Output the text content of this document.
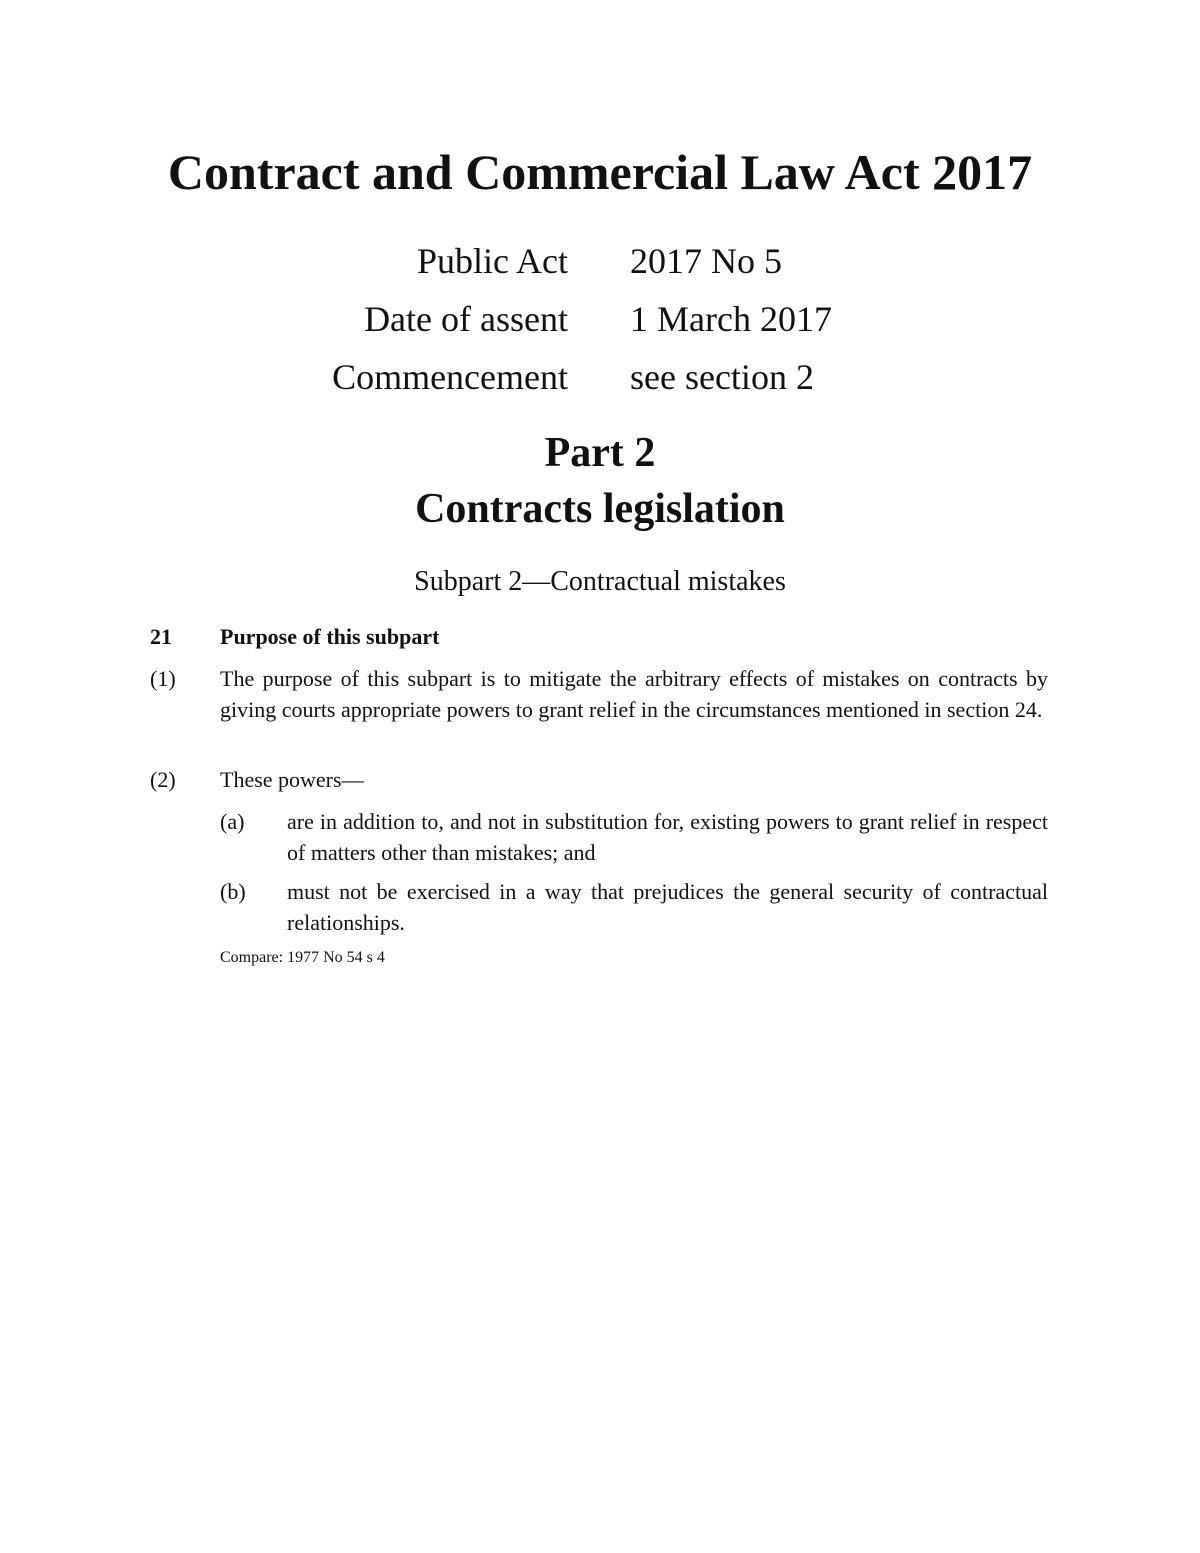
Contract and Commercial Law Act 2017
Public Act 2017 No 5
Date of assent 1 March 2017
Commencement see section 2
Part 2
Contracts legislation
Subpart 2—Contractual mistakes
21 Purpose of this subpart
(1) The purpose of this subpart is to mitigate the arbitrary effects of mistakes on contracts by giving courts appropriate powers to grant relief in the circumstances mentioned in section 24.
(2) These powers—
(a) are in addition to, and not in substitution for, existing powers to grant relief in respect of matters other than mistakes; and
(b) must not be exercised in a way that prejudices the general security of contractual relationships.
Compare: 1977 No 54 s 4
